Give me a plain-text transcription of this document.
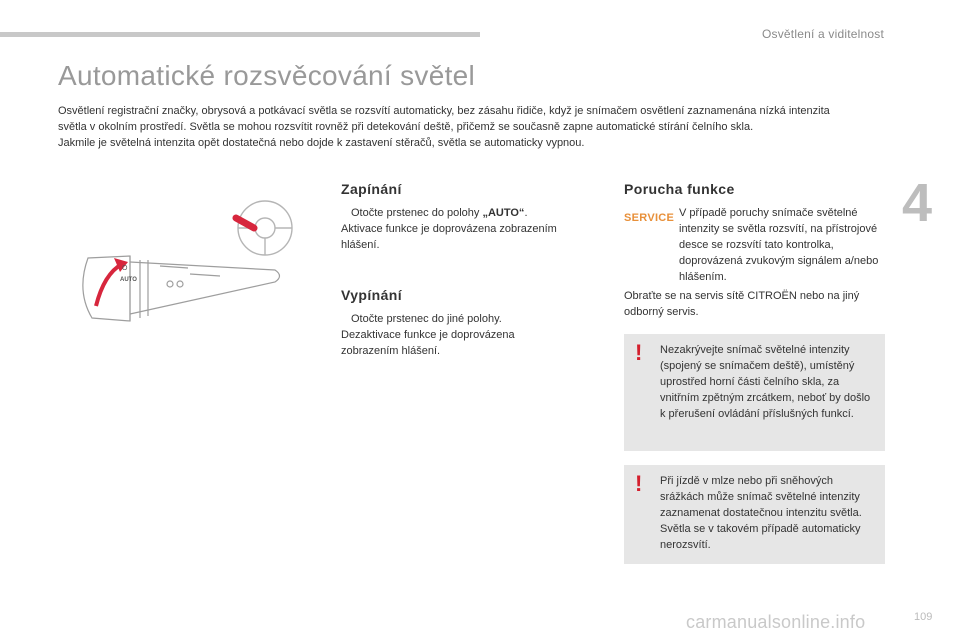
Osvětlení a viditelnost
4
Automatické rozsvěcování světel

Osvětlení registrační značky, obrysová a potkávací světla se rozsvítí automaticky, bez zásahu řidiče, když je snímačem osvětlení zaznamenána nízká intenzita světla v okolním prostředí. Světla se mohou rozsvítit rovněž při detekování deště, přičemž se současně zapne automatické stírání čelního skla.

Jakmile je světelná intenzita opět dostatečná nebo dojde k zastavení stěračů, světla se automaticky vypnou.

O
AUTO
Zapínání

Otočte prstenec do polohy „AUTO“.

Aktivace funkce je doprovázena zobrazením hlášení.

Vypínání

Otočte prstenec do jiné polohy.

Dezaktivace funkce je doprovázena zobrazením hlášení.

Porucha funkce
SERVICE V případě poruchy snímače světelné intenzity se světla rozsvítí, na přístrojové desce se rozsvítí tato kontrolka, doprovázená zvukovým signálem a/nebo hlášením.

Obraťte se na servis sítě CITROËN nebo na jiný odborný servis.

! Nezakrývejte snímač světelné intenzity (spojený se snímačem deště), umístěný uprostřed horní části čelního skla, za vnitřním zpětným zrcátkem, neboť by došlo k přerušení ovládání příslušných funkcí.

! Při jízdě v mlze nebo při sněhových srážkách může snímač světelné intenzity zaznamenat dostatečnou intenzitu světla. Světla se v takovém případě automaticky nerozsvítí.

109
carmanualsonline.info
